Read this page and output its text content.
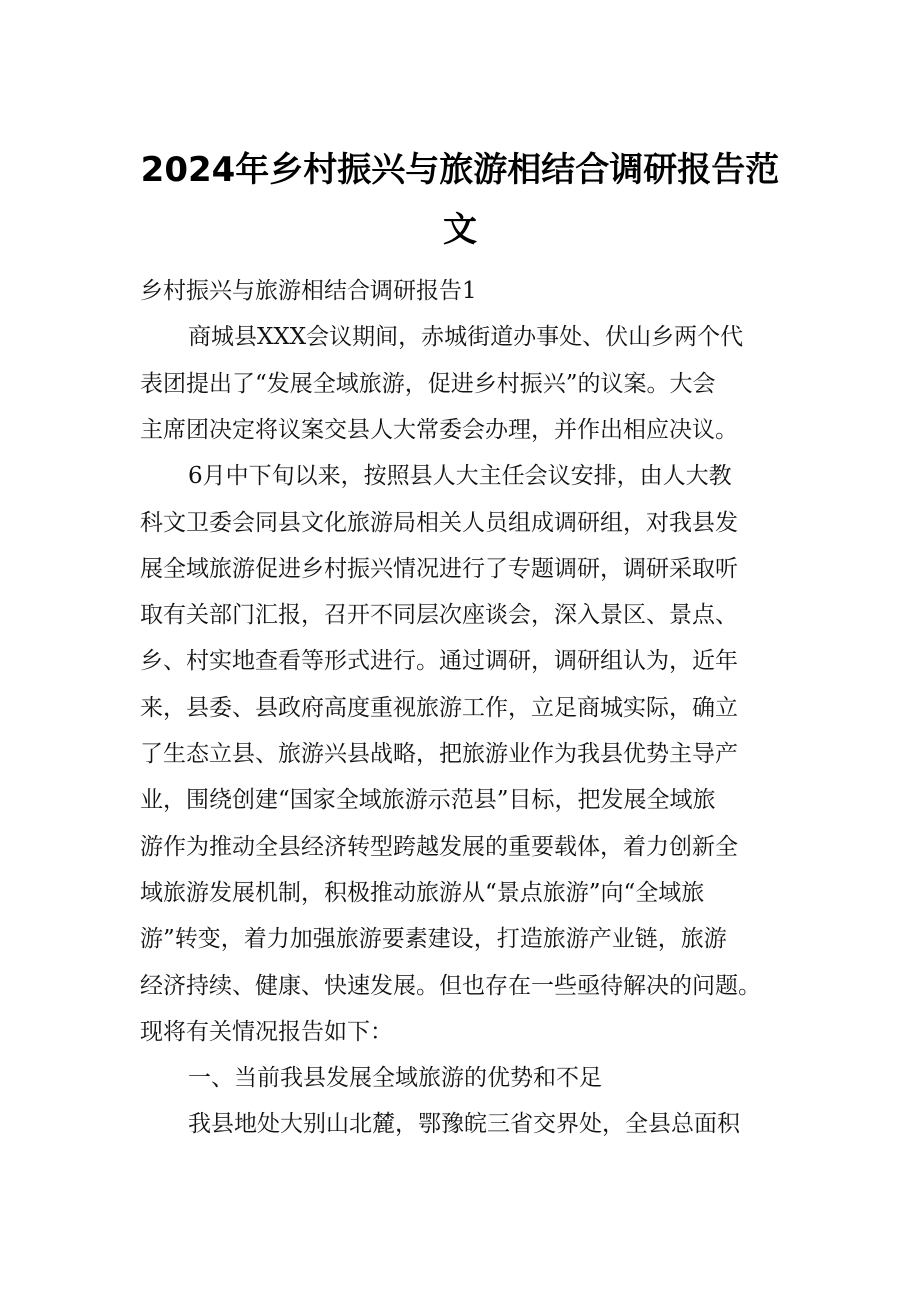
2024年乡村振兴与旅游相结合调研报告范
文
乡村振兴与旅游相结合调研报告1
商城县XXX会议期间，赤城街道办事处、伏山乡两个代
表团提出了“发展全域旅游，促进乡村振兴”的议案。大会
主席团决定将议案交县人大常委会办理，并作出相应决议。
6月中下旬以来，按照县人大主任会议安排，由人大教
科文卫委会同县文化旅游局相关人员组成调研组，对我县发
展全域旅游促进乡村振兴情况进行了专题调研，调研采取听
取有关部门汇报，召开不同层次座谈会，深入景区、景点、
乡、村实地查看等形式进行。通过调研，调研组认为，近年
来，县委、县政府高度重视旅游工作，立足商城实际，确立
了生态立县、旅游兴县战略，把旅游业作为我县优势主导产
业，围绕创建“国家全域旅游示范县”目标，把发展全域旅
游作为推动全县经济转型跨越发展的重要载体，着力创新全
域旅游发展机制，积极推动旅游从“景点旅游”向“全域旅
游”转变，着力加强旅游要素建设，打造旅游产业链，旅游
经济持续、健康、快速发展。但也存在一些亟待解决的问题。
现将有关情况报告如下：
一、当前我县发展全域旅游的优势和不足
我县地处大别山北麓，鄂豫皖三省交界处，全县总面积
